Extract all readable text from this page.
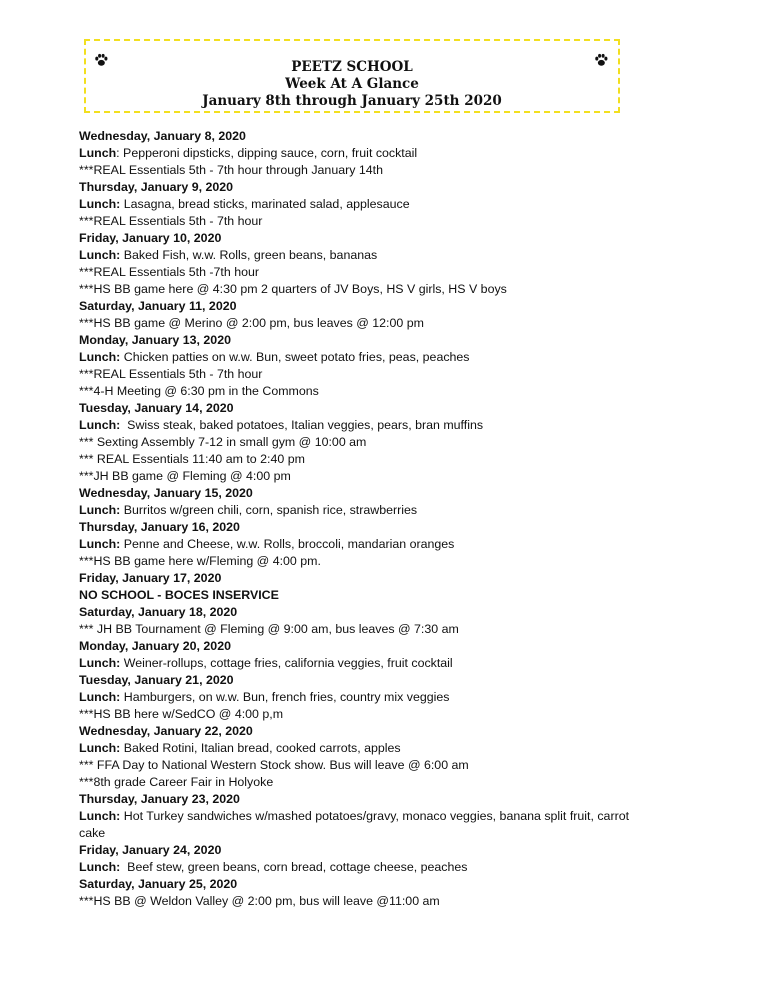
PEETZ SCHOOL
Week At A Glance
January 8th through January 25th 2020
Wednesday, January 8, 2020
Lunch: Pepperoni dipsticks, dipping sauce, corn, fruit cocktail
***REAL Essentials 5th - 7th hour through January 14th
Thursday, January 9, 2020
Lunch: Lasagna, bread sticks, marinated salad, applesauce
***REAL Essentials 5th - 7th hour
Friday, January 10, 2020
Lunch: Baked Fish, w.w. Rolls, green beans, bananas
***REAL Essentials 5th -7th hour
***HS BB game here @ 4:30 pm 2 quarters of JV Boys, HS V girls, HS V boys
Saturday, January 11, 2020
***HS BB game @ Merino @ 2:00 pm, bus leaves @ 12:00 pm
Monday, January 13, 2020
Lunch: Chicken patties on w.w. Bun, sweet potato fries, peas, peaches
***REAL Essentials 5th - 7th hour
***4-H Meeting @ 6:30 pm in the Commons
Tuesday, January 14, 2020
Lunch:  Swiss steak, baked potatoes, Italian veggies, pears, bran muffins
*** Sexting Assembly 7-12 in small gym @ 10:00 am
*** REAL Essentials 11:40 am to 2:40 pm
***JH BB game @ Fleming @ 4:00 pm
Wednesday, January 15, 2020
Lunch: Burritos w/green chili, corn, spanish rice, strawberries
Thursday, January 16, 2020
Lunch: Penne and Cheese, w.w. Rolls, broccoli, mandarian oranges
***HS BB game here w/Fleming @ 4:00 pm.
Friday, January 17, 2020
NO SCHOOL - BOCES INSERVICE
Saturday, January 18, 2020
*** JH BB Tournament @ Fleming @ 9:00 am, bus leaves @ 7:30 am
Monday, January 20, 2020
Lunch: Weiner-rollups, cottage fries, california veggies, fruit cocktail
Tuesday, January 21, 2020
Lunch: Hamburgers, on w.w. Bun, french fries, country mix veggies
***HS BB here w/SedCO @ 4:00 p,m
Wednesday, January 22, 2020
Lunch: Baked Rotini, Italian bread, cooked carrots, apples
*** FFA Day to National Western Stock show. Bus will leave @ 6:00 am
***8th grade Career Fair in Holyoke
Thursday, January 23, 2020
Lunch: Hot Turkey sandwiches w/mashed potatoes/gravy, monaco veggies, banana split fruit, carrot cake
Friday, January 24, 2020
Lunch:  Beef stew, green beans, corn bread, cottage cheese, peaches
Saturday, January 25, 2020
***HS BB @ Weldon Valley @ 2:00 pm, bus will leave @11:00 am
